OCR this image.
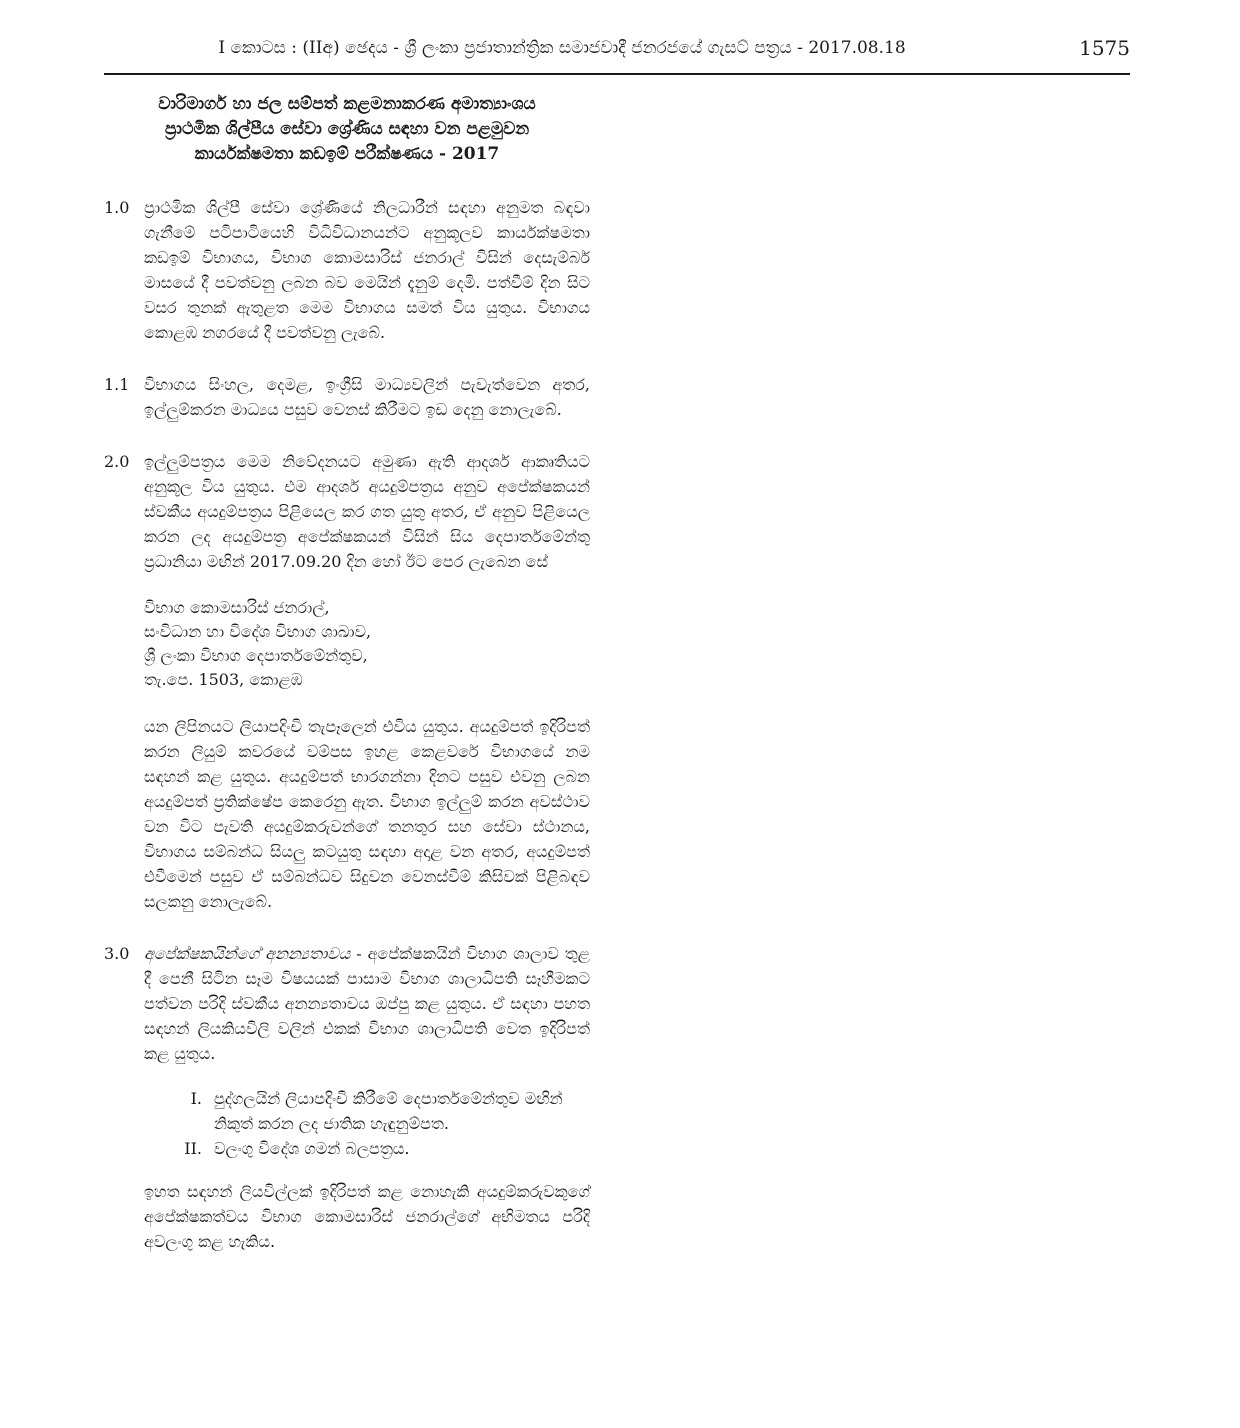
I කොටස : (IIඅ) ඡෙදය - ශ්‍රී ලංකා ප්‍රජාතාන්ත්‍රික සමාජවාදී ජනරජයේ ගැසට් පත්‍රය - 2017.08.18	1575
වාරිමාර්ග හා ජල සම්පත් කළමනාකරණ අමාත්‍යාංශය
ප්‍රාථමික ශිල්පීය සේවා ශ්‍රේණිය සඳහා වන පළමුවන
කාර්යක්ෂමතා කඩඉම් පරීක්ෂණය - 2017
1.0 ප්‍රාථමික ශිල්පී සේවා ශ්‍රේණියේ නිලධාරීන් සඳහා අනුමත බඳවා ගැනීමේ පටිපාටියෙහි විධිවිධානයන්ට අනුකූලව කාර්යක්ෂමතා කඩඉම් විභාගය, විභාග කොමසාරිස් ජනරාල් විසින් දෙසැම්බර් මාසයේ දී පවත්වනු ලබන බව මෙයින් දැනුම් දෙමි. පත්වීම් දින සිට වසර තුනක් ඇතුළත මෙම විභාගය සමත් විය යුතුය. විභාගය කොළඹ නගරයේ දී පවත්වනු ලැබේ.
1.1 විභාගය සිංහල, දෙමළ, ඉංග්‍රීසි මාධ්‍යවලින් පැවැත්වෙන අතර, ඉල්ලුම්කරන මාධ්‍යය පසුව වෙනස් කිරීමට ඉඩ දෙනු නොලැබේ.
2.0 ඉල්ලුම්පත්‍රය මෙම නිවේදනයට අමුණා ඇති ආදර්ශ ආකෘතියට අනුකූල විය යුතුය. එම ආදර්ශ අයදුම්පත්‍රය අනුව අපේක්ෂකයන් ස්වකීය අයදුම්පත්‍රය පිළියෙල කර ගත යුතු අතර, ඒ අනුව පිළියෙල කරන ලද අයදුම්පත්‍ර අපේක්ෂකයන් විසින් සිය දෙපාර්තමේන්තු ප්‍රධානියා මඟින් 2017.09.20 දින හෝ ඊට පෙර ලැබෙන සේ
විභාග කොමසාරිස් ජනරාල්,
සංවිධාන හා විදේශ විභාග ශාඛාව,
ශ්‍රී ලංකා විභාග දෙපාර්තමේන්තුව,
තැ.පෙ. 1503, කොළඹ
යන ලිපිනයට ලියාපදිංචි තැපෑලෙන් එවිය යුතුය. අයදුම්පත් ඉදිරිපත් කරන ලියුම් කවරයේ වම්පස ඉහළ කෙළවරේ විභාගයේ නම සඳහන් කළ යුතුය. අයදුම්පත් භාරගන්නා දිනට පසුව එවනු ලබන අයදුම්පත් ප්‍රතික්ෂේප කෙරෙනු ඇත. විභාග ඉල්ලුම් කරන අවස්ථාව වන විට පැවති අයදුම්කරුවන්ගේ තනතුර සහ සේවා ස්ථානය, විභාගය සම්බන්ධ සියලු කටයුතු සඳහා අදාළ වන අතර, අයදුම්පත් එවීමෙන් පසුව ඒ සම්බන්ධව සිදුවන වෙනස්වීම් කිසිවක් පිළිබඳව සලකනු නොලැබේ.
3.0 අපේක්ෂකයින්ගේ අනන්‍යතාවය - අපේක්ෂකයින් විභාග ශාලාව තුළ දී පෙනී සිටින සෑම විෂයයක් පාසාම විභාග ශාලාධිපති සෑහීමකට පත්වන පරිදි ස්වකීය අනන්‍යතාවය ඔප්පු කළ යුතුය. ඒ සඳහා පහත සඳහන් ලියකියවිලි වලින් එකක් විභාග ශාලාධිපති වෙත ඉදිරිපත් කළ යුතුය.
I. පුද්ගලයින් ලියාපදිංචි කිරීමේ දෙපාර්තමේන්තුව මඟින් නිකුත් කරන ලද ජාතික හැඳුනුම්පත.
II. වලංගු විදේශ ගමන් බලපත්‍රය.
ඉහත සඳහන් ලියවිල්ලක් ඉදිරිපත් කළ නොහැකි අයදුම්කරුවකුගේ අපේක්ෂකත්වය විභාග කොමසාරිස් ජනරාල්ගේ අභිමතය පරිදි අවලංගු කළ හැකිය.
